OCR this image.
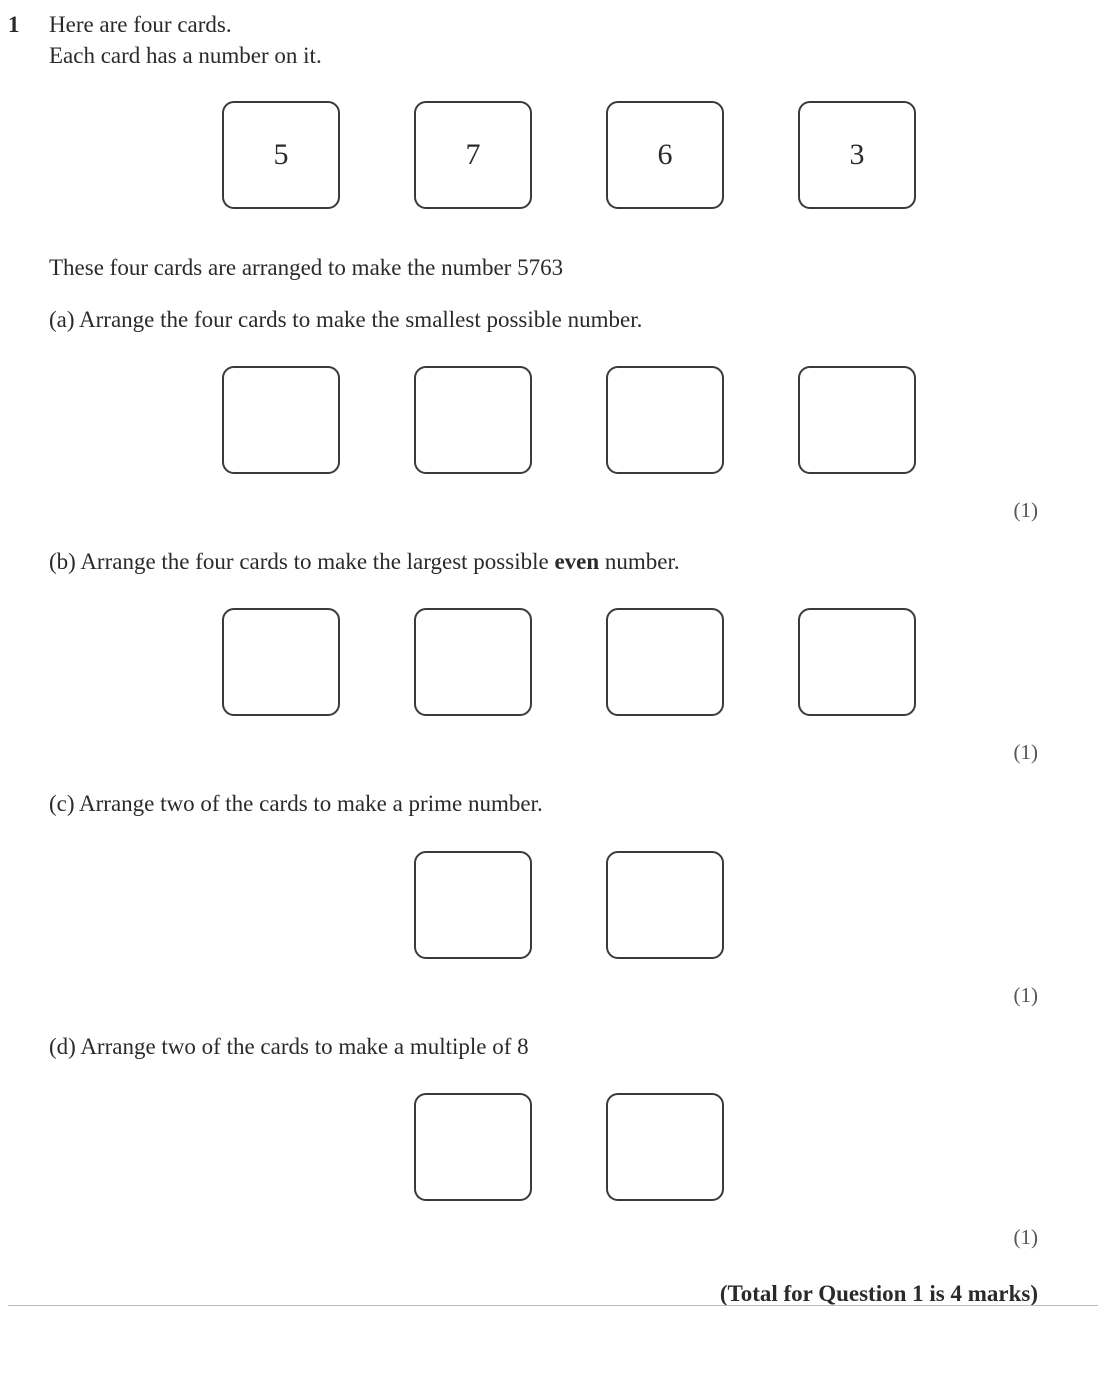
1 Here are four cards.
Each card has a number on it.
5	7	6	3
These four cards are arranged to make the number 5763
(a) Arrange the four cards to make the smallest possible number.
(1)
(b) Arrange the four cards to make the largest possible even number.
(1)
(c) Arrange two of the cards to make a prime number.
(1)
(d) Arrange two of the cards to make a multiple of 8
(1)
(Total for Question 1 is 4 marks)
